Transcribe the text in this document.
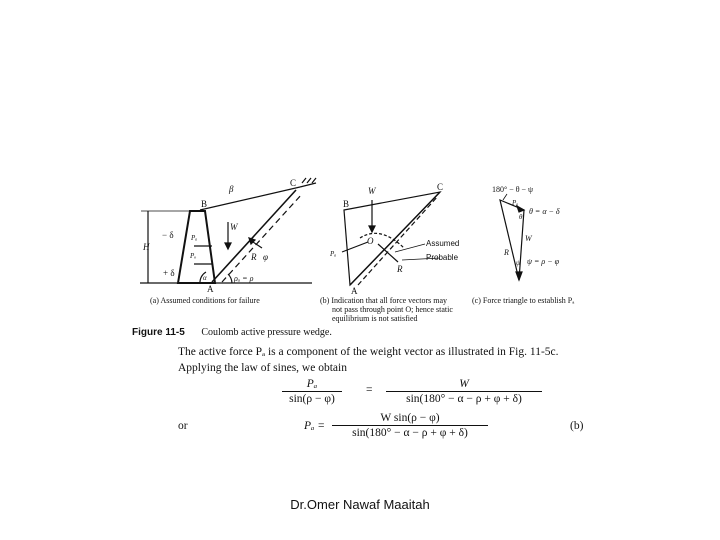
β
C
B
H
W
− δ
+ δ
Pₐ
Pₒ	R φ
α
A
ρₐ = ρ
W	C
B
Pₐ
O
R
A
Assumed
Probable
180° − θ − ψ
Pₐ
θ
θ = α − δ
W
R
ψ ψ = ρ − φ
(a) Assumed conditions for failure	(b) Indication that all force vectors may
not pass through point O; hence static
equilibrium is not satisfied
(c) Force triangle to establish Pₐ
Figure 11-5 Coulomb active pressure wedge.
The active force Pₐ is a component of the weight vector as illustrated in Fig. 11-5c. Applying the law of sines, we obtain
$\frac{\text{Pₐ}}{\sin(\rho - \varphi)} = \frac{W}{\sin(180^\circ - \alpha - \rho + \varphi + \delta)}$
or	$P_a = \frac{\text{W sin(ρ − φ)}}{\sin(180^\circ - \alpha - \rho + \varphi + \delta)}$	(b)
Dr.Omer Nawaf Maaitah
